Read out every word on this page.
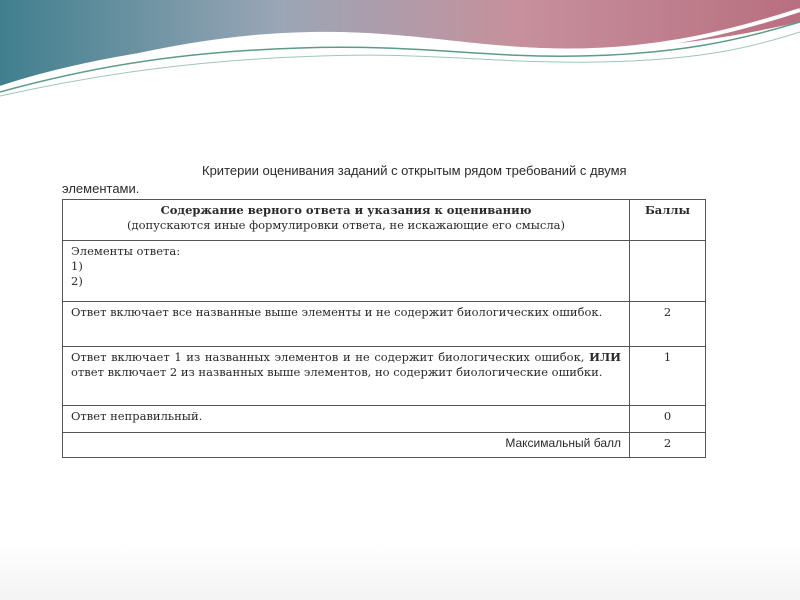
Критерии оценивания заданий с открытым рядом требований с двумя
элементами.
Содержание верного ответа и указания к оцениванию
(допускаются иные формулировки ответа, не искажающие его смысла)	Баллы

Элементы ответа:
1)
2)	

Ответ включает все названные выше элементы и не содержит биологических ошибок.	2
Ответ включает 1 из названных элементов и не содержит биологических ошибок, ИЛИ ответ включает 2 из названных выше элементов, но содержит биологические ошибки.	1
Ответ неправильный.	0
Максимальный балл	2
